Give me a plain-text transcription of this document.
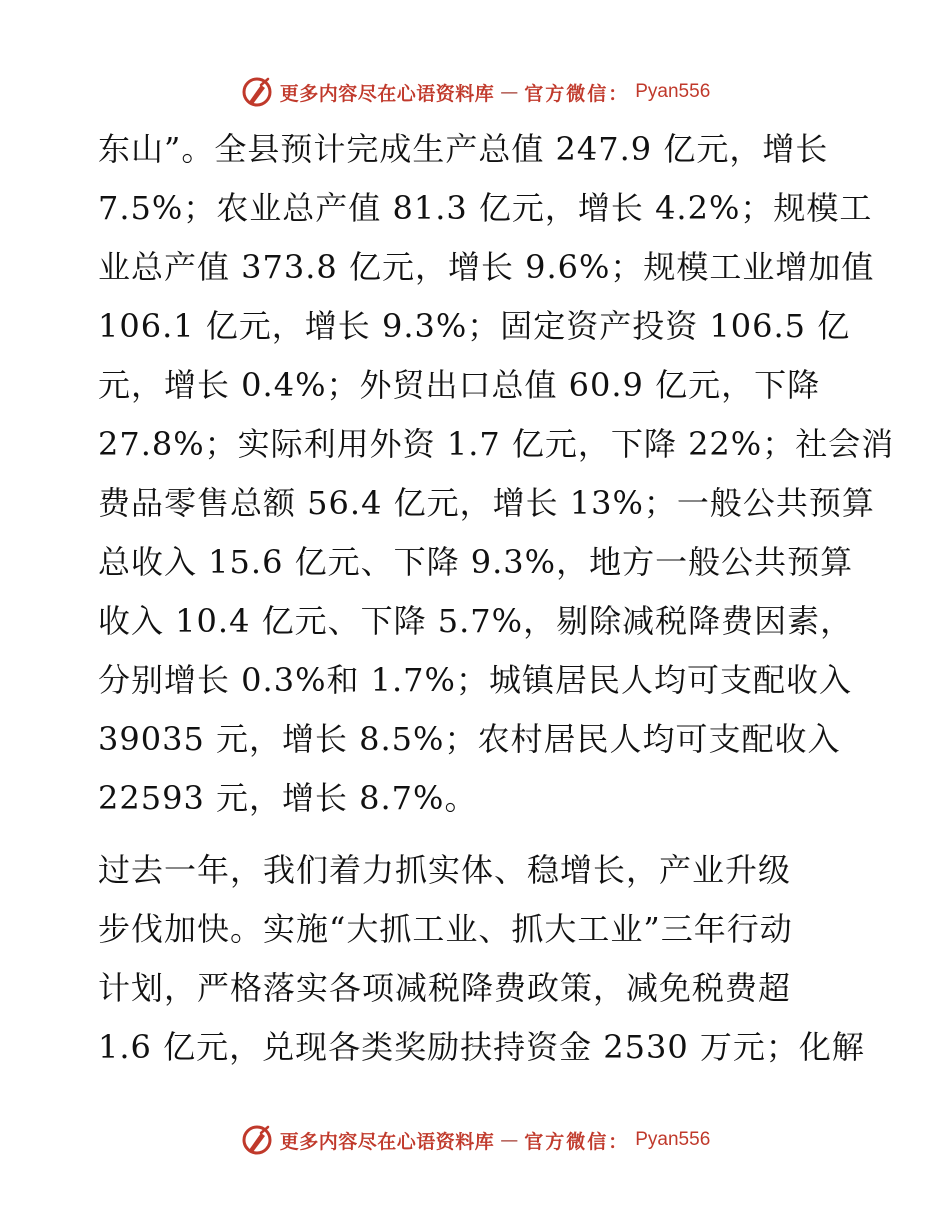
更多内容尽在心语资料库 — 官方微信： Pyan556

东山”。全县预计完成生产总值 247.9 亿元，增长
7.5%；农业总产值 81.3 亿元，增长 4.2%；规模工
业总产值 373.8 亿元，增长 9.6%；规模工业增加值
106.1 亿元，增长 9.3%；固定资产投资 106.5 亿
元，增长 0.4%；外贸出口总值 60.9 亿元，下降
27.8%；实际利用外资 1.7 亿元，下降 22%；社会消
费品零售总额 56.4 亿元，增长 13%；一般公共预算
总收入 15.6 亿元、下降 9.3%，地方一般公共预算
收入 10.4 亿元、下降 5.7%，剔除减税降费因素，
分别增长 0.3%和 1.7%；城镇居民人均可支配收入
39035 元，增长 8.5%；农村居民人均可支配收入
22593 元，增长 8.7%。

过去一年，我们着力抓实体、稳增长，产业升级
步伐加快。实施“大抓工业、抓大工业”三年行动
计划，严格落实各项减税降费政策，减免税费超
1.6 亿元，兑现各类奖励扶持资金 2530 万元；化解

更多内容尽在心语资料库 — 官方微信： Pyan556
